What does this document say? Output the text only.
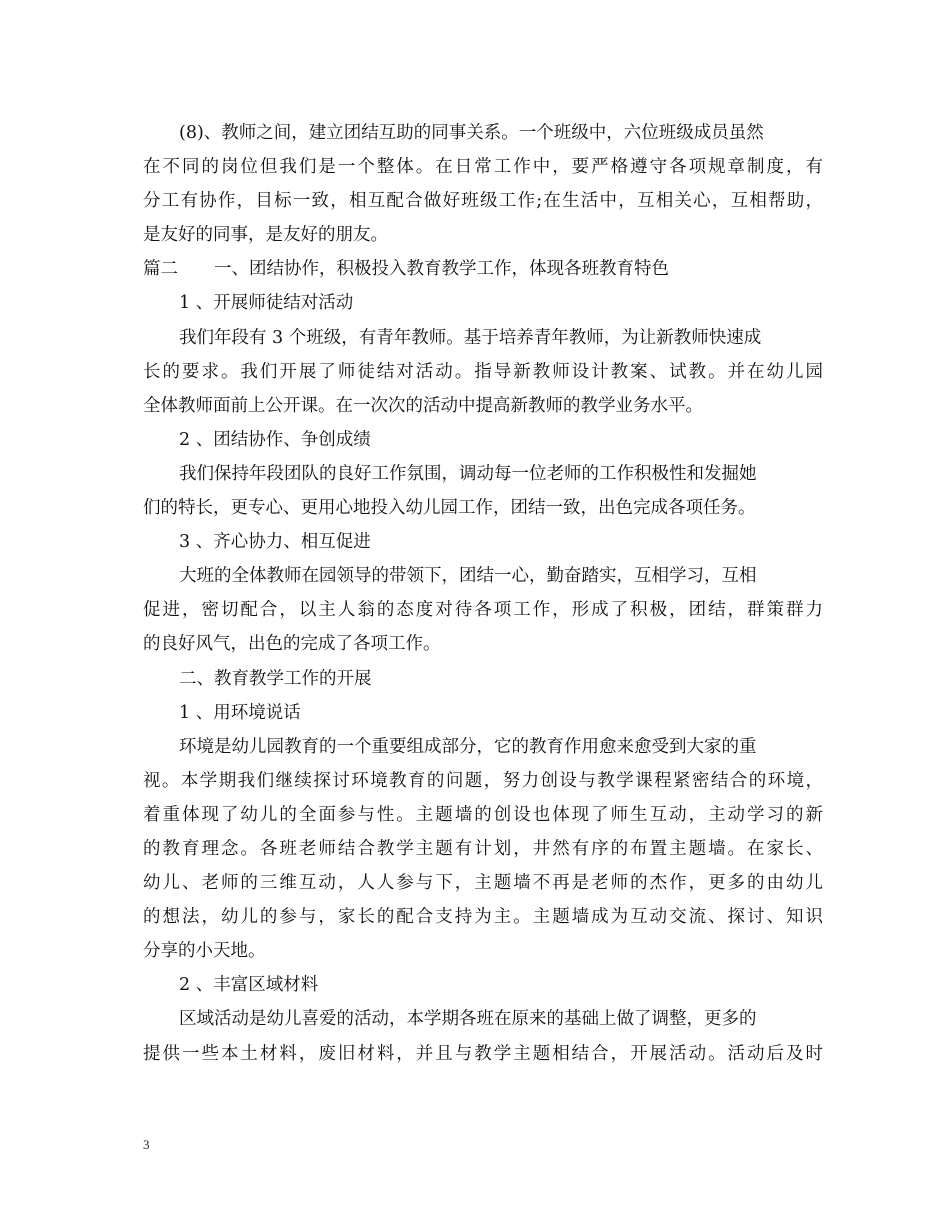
(8)、教师之间，建立团结互助的同事关系。一个班级中，六位班级成员虽然
在不同的岗位但我们是一个整体。在日常工作中，要严格遵守各项规章制度，有
分工有协作，目标一致，相互配合做好班级工作;在生活中，互相关心，互相帮助，
是友好的同事，是友好的朋友。
篇二 一、团结协作，积极投入教育教学工作，体现各班教育特色
1 、开展师徒结对活动
我们年段有 3 个班级，有青年教师。基于培养青年教师，为让新教师快速成
长的要求。我们开展了师徒结对活动。指导新教师设计教案、试教。并在幼儿园
全体教师面前上公开课。在一次次的活动中提高新教师的教学业务水平。
2 、团结协作、争创成绩
我们保持年段团队的良好工作氛围，调动每一位老师的工作积极性和发掘她
们的特长，更专心、更用心地投入幼儿园工作，团结一致，出色完成各项任务。
3 、齐心协力、相互促进
大班的全体教师在园领导的带领下，团结一心，勤奋踏实，互相学习，互相
促进，密切配合，以主人翁的态度对待各项工作，形成了积极，团结，群策群力
的良好风气，出色的完成了各项工作。
二、教育教学工作的开展
1 、用环境说话
环境是幼儿园教育的一个重要组成部分，它的教育作用愈来愈受到大家的重
视。本学期我们继续探讨环境教育的问题，努力创设与教学课程紧密结合的环境，
着重体现了幼儿的全面参与性。主题墙的创设也体现了师生互动，主动学习的新
的教育理念。各班老师结合教学主题有计划，井然有序的布置主题墙。在家长、
幼儿、老师的三维互动，人人参与下，主题墙不再是老师的杰作，更多的由幼儿
的想法，幼儿的参与，家长的配合支持为主。主题墙成为互动交流、探讨、知识
分享的小天地。
2 、丰富区域材料
区域活动是幼儿喜爱的活动，本学期各班在原来的基础上做了调整，更多的
提供一些本土材料，废旧材料，并且与教学主题相结合，开展活动。活动后及时
3
